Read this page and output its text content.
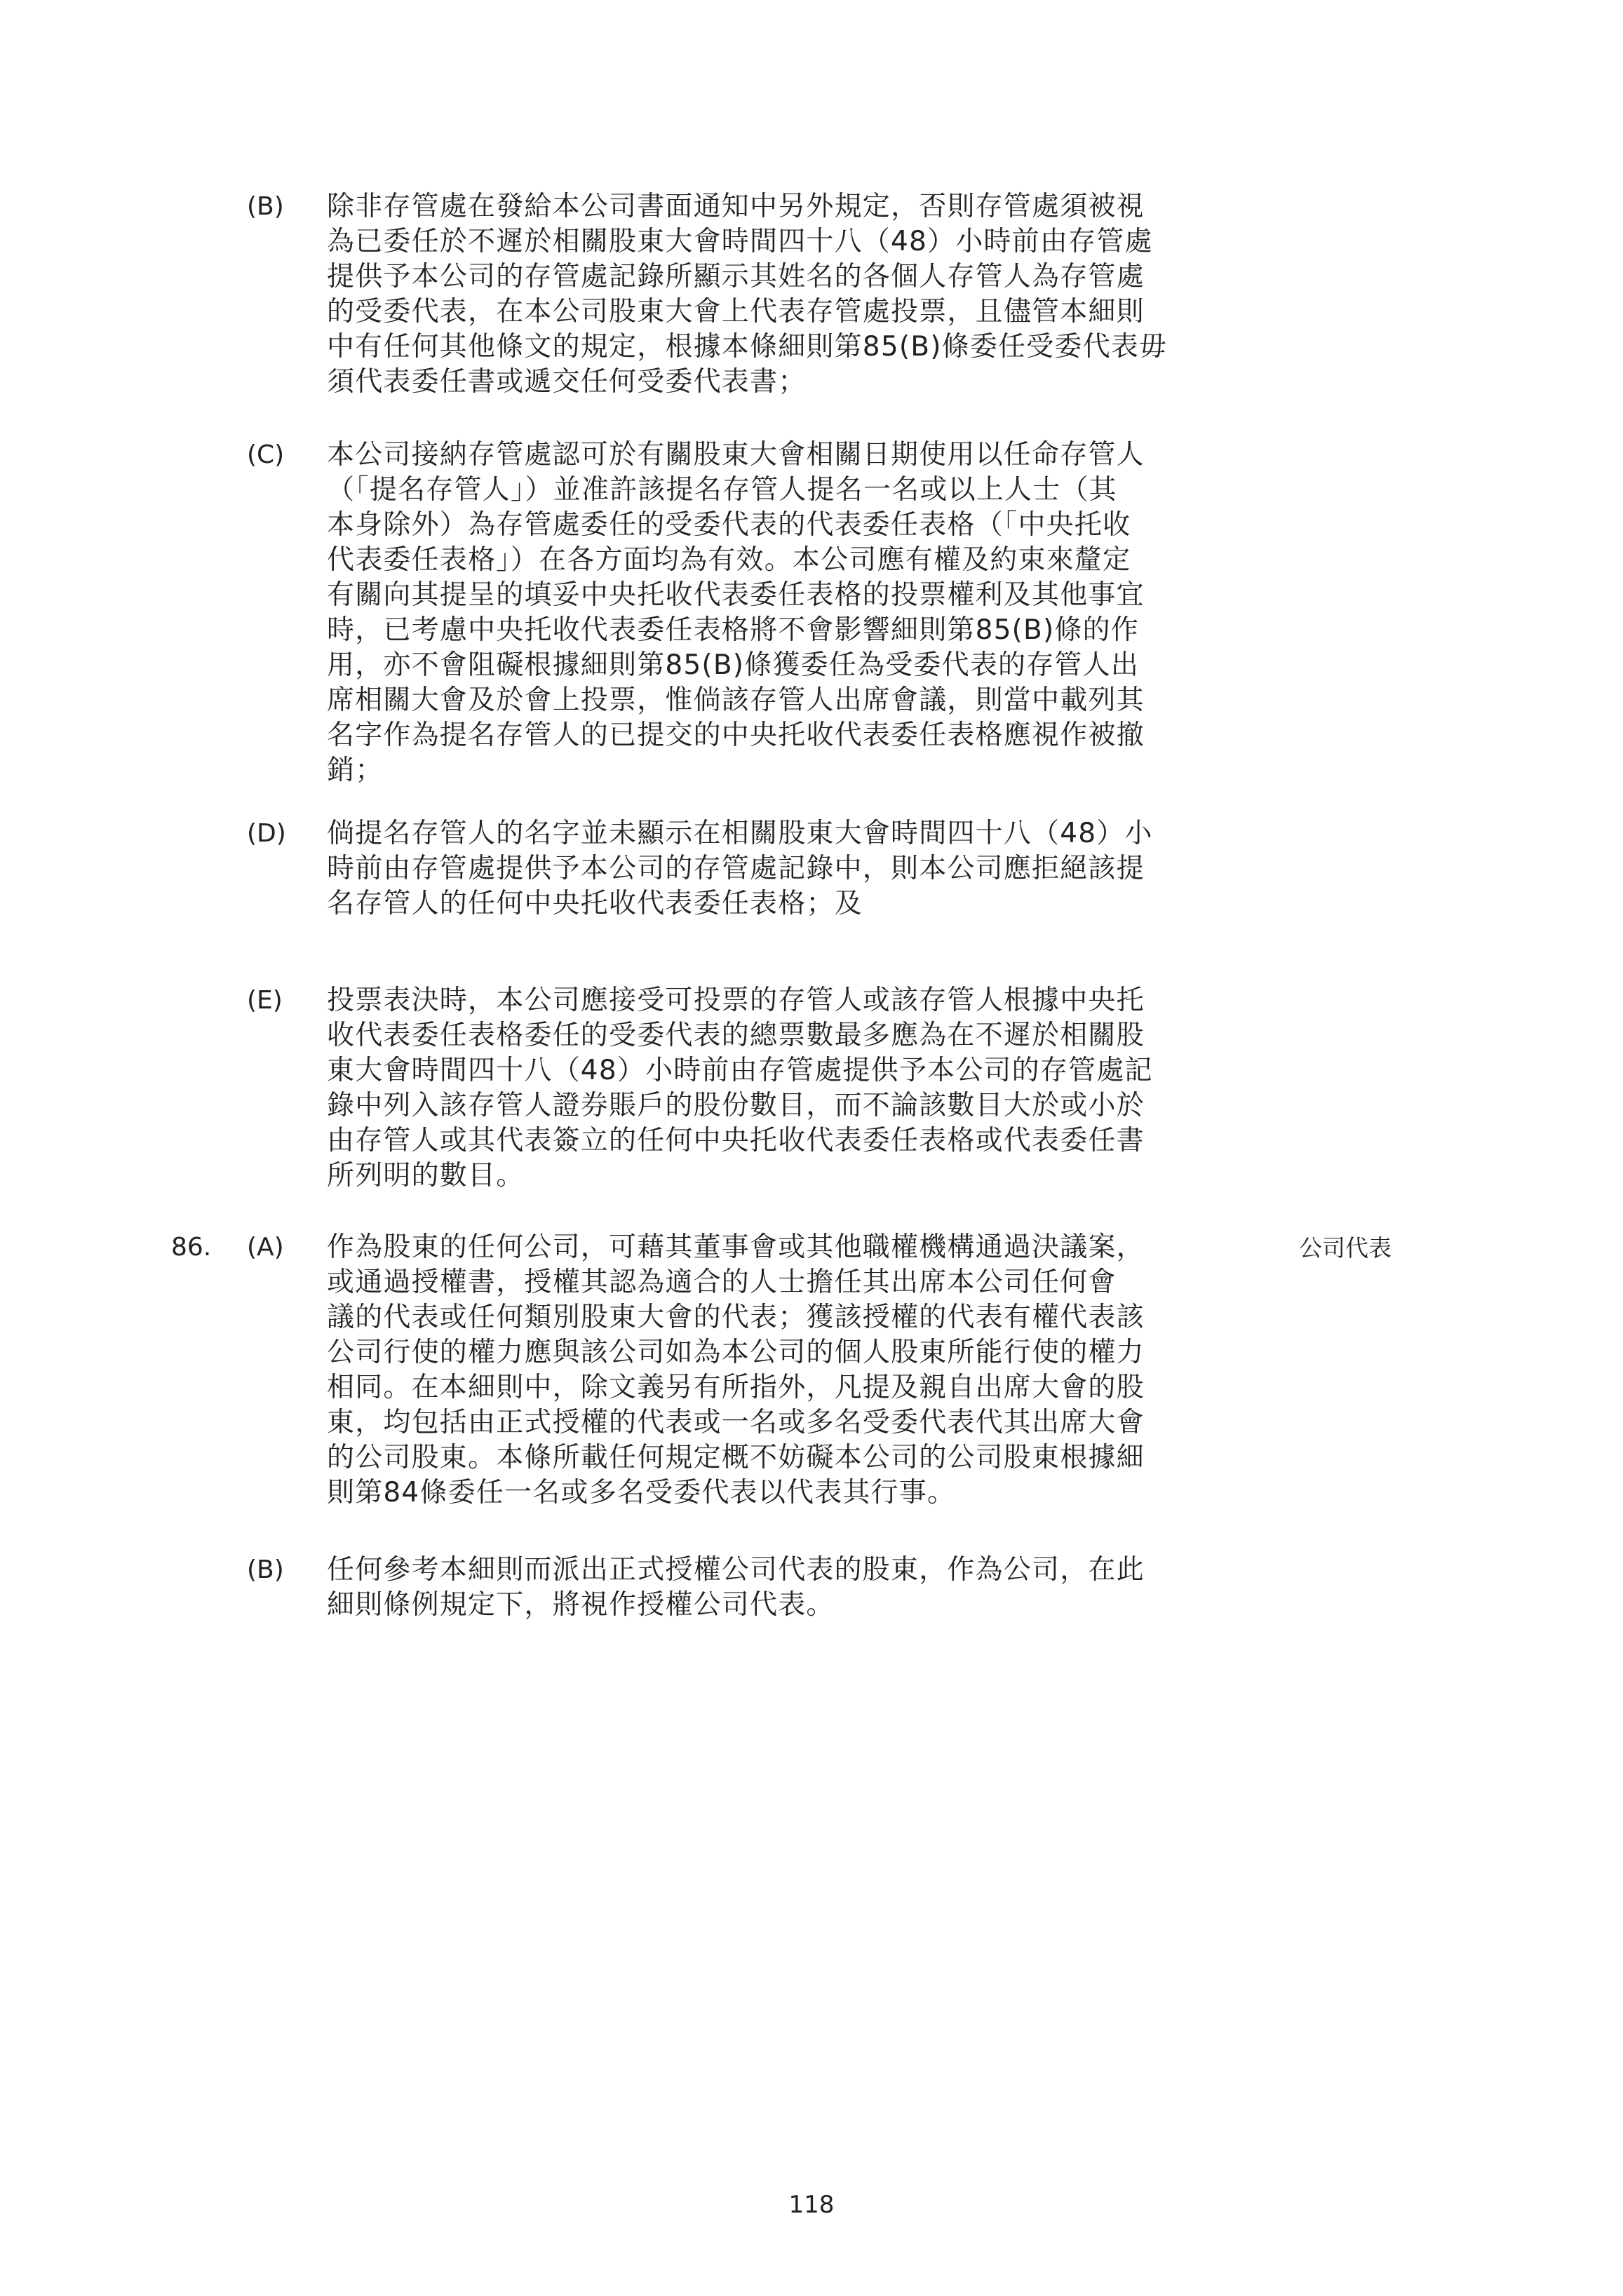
(B) 除非存管處在發給本公司書面通知中另外規定，否則存管處須被視
為已委任於不遲於相關股東大會時間四十八（48）小時前由存管處
提供予本公司的存管處記錄所顯示其姓名的各個人存管人為存管處
的受委代表，在本公司股東大會上代表存管處投票，且儘管本細則
中有任何其他條文的規定，根據本條細則第85(B)條委任受委代表毋
須代表委任書或遞交任何受委代表書；
(C) 本公司接納存管處認可於有關股東大會相關日期使用以任命存管人
（「提名存管人」）並准許該提名存管人提名一名或以上人士（其
本身除外）為存管處委任的受委代表的代表委任表格（「中央托收
代表委任表格」）在各方面均為有效。本公司應有權及約束來釐定
有關向其提呈的填妥中央托收代表委任表格的投票權利及其他事宜
時，已考慮中央托收代表委任表格將不會影響細則第85(B)條的作
用，亦不會阻礙根據細則第85(B)條獲委任為受委代表的存管人出
席相關大會及於會上投票，惟倘該存管人出席會議，則當中載列其
名字作為提名存管人的已提交的中央托收代表委任表格應視作被撤
銷；
(D) 倘提名存管人的名字並未顯示在相關股東大會時間四十八（48）小
時前由存管處提供予本公司的存管處記錄中，則本公司應拒絕該提
名存管人的任何中央托收代表委任表格；及
(E) 投票表決時，本公司應接受可投票的存管人或該存管人根據中央托
收代表委任表格委任的受委代表的總票數最多應為在不遲於相關股
東大會時間四十八（48）小時前由存管處提供予本公司的存管處記
錄中列入該存管人證券賬戶的股份數目，而不論該數目大於或小於
由存管人或其代表簽立的任何中央托收代表委任表格或代表委任書
所列明的數目。
86. (A) 作為股東的任何公司，可藉其董事會或其他職權機構通過決議案，
或通過授權書，授權其認為適合的人士擔任其出席本公司任何會
議的代表或任何類別股東大會的代表；獲該授權的代表有權代表該
公司行使的權力應與該公司如為本公司的個人股東所能行使的權力
相同。在本細則中，除文義另有所指外，凡提及親自出席大會的股
東，均包括由正式授權的代表或一名或多名受委代表代其出席大會
的公司股東。本條所載任何規定概不妨礙本公司的公司股東根據細
則第84條委任一名或多名受委代表以代表其行事。
公司代表
(B) 任何參考本細則而派出正式授權公司代表的股東，作為公司，在此
細則條例規定下，將視作授權公司代表。
118
